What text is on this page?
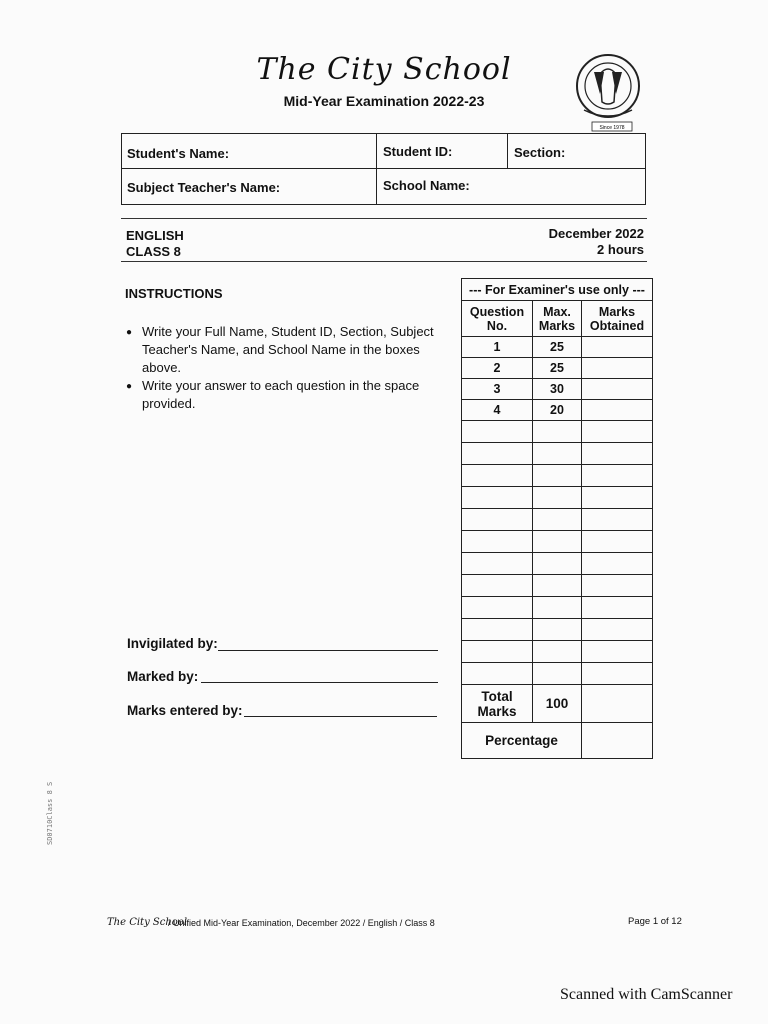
The City School
Mid-Year Examination 2022-23
Since 1978
Student's Name:	Student ID:	Section:
Subject Teacher's Name:	School Name:
ENGLISH
CLASS 8
December 2022
2 hours
INSTRUCTIONS
● Write your Full Name, Student ID, Section, Subject Teacher's Name, and School Name in the boxes above.
● Write your answer to each question in the space provided.
--- For Examiner's use only ---		
Question No.	Max. Marks	Marks Obtained
1	25	
2	25	
3	30	
4	20	

Total Marks	100	
Percentage		
Invigilated by:
Marked by:
Marks entered by:
SD0710Class 8 S
The City School
/ Unified Mid-Year Examination, December 2022 / English / Class 8	Page 1 of 12
Scanned with CamScanner
